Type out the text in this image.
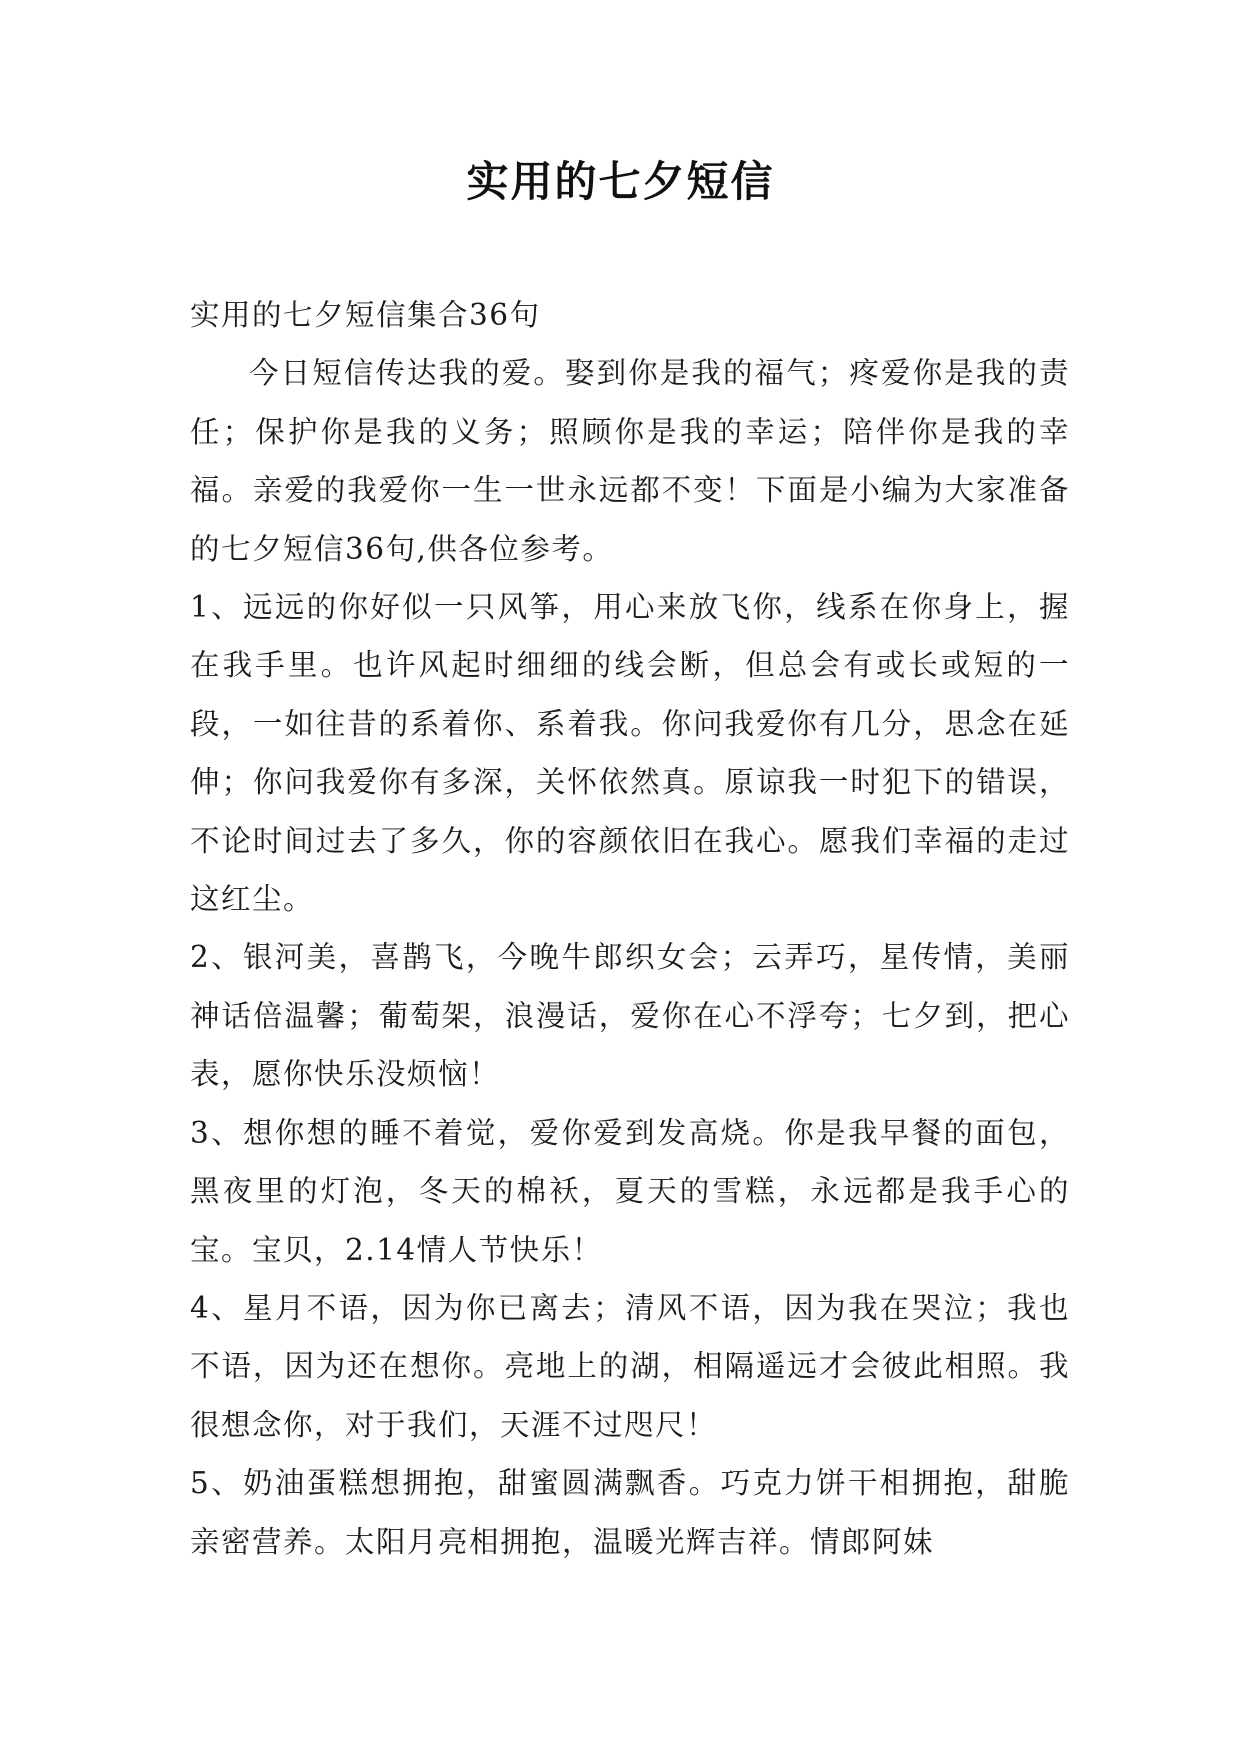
实用的七夕短信

实用的七夕短信集合36句

今日短信传达我的爱。娶到你是我的福气；疼爱你是我的责任；保护你是我的义务；照顾你是我的幸运；陪伴你是我的幸福。亲爱的我爱你一生一世永远都不变！下面是小编为大家准备的七夕短信36句,供各位参考。

1、远远的你好似一只风筝，用心来放飞你，线系在你身上，握在我手里。也许风起时细细的线会断，但总会有或长或短的一段，一如往昔的系着你、系着我。你问我爱你有几分，思念在延伸；你问我爱你有多深，关怀依然真。原谅我一时犯下的错误，不论时间过去了多久，你的容颜依旧在我心。愿我们幸福的走过这红尘。

2、银河美，喜鹊飞，今晚牛郎织女会；云弄巧，星传情，美丽神话倍温馨；葡萄架，浪漫话，爱你在心不浮夸；七夕到，把心表，愿你快乐没烦恼！

3、想你想的睡不着觉，爱你爱到发高烧。你是我早餐的面包，黑夜里的灯泡，冬天的棉袄，夏天的雪糕，永远都是我手心的宝。宝贝，2.14情人节快乐！

4、星月不语，因为你已离去；清风不语，因为我在哭泣；我也不语，因为还在想你。亮地上的湖，相隔遥远才会彼此相照。我很想念你，对于我们，天涯不过咫尺！

5、奶油蛋糕想拥抱，甜蜜圆满飘香。巧克力饼干相拥抱，甜脆亲密营养。太阳月亮相拥抱，温暖光辉吉祥。情郎阿妹
